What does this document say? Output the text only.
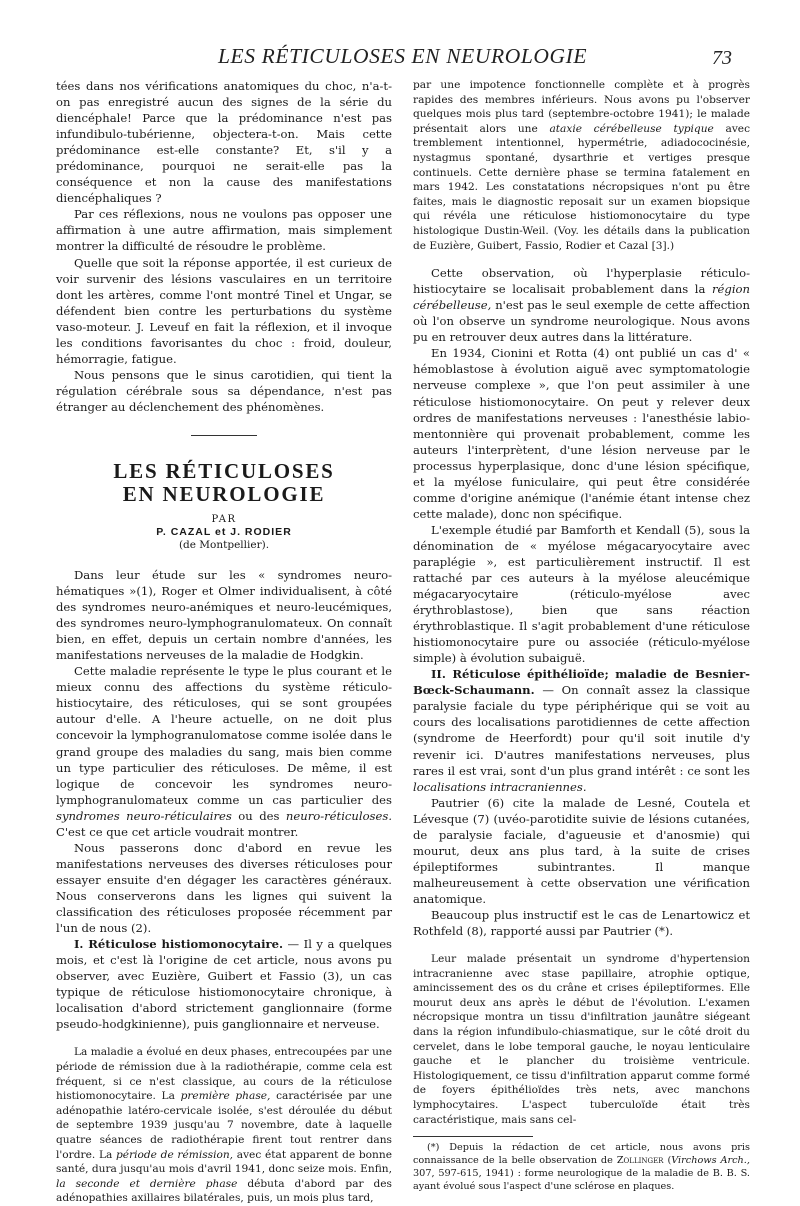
LES RÉTICULOSES EN NEUROLOGIE	73

tées dans nos vérifications anatomiques du choc, n'a-t-on pas enregistré aucun des signes de la série du diencéphale! Parce que la prédominance n'est pas infundibulo-tubérienne, objectera-t-on. Mais cette prédominance est-elle constante? Et, s'il y a prédominance, pourquoi ne serait-elle pas la conséquence et non la cause des manifestations diencéphaliques ?

Par ces réflexions, nous ne voulons pas opposer une affirmation à une autre affirmation, mais simplement montrer la difficulté de résoudre le problème.

Quelle que soit la réponse apportée, il est curieux de voir survenir des lésions vasculaires en un territoire dont les artères, comme l'ont montré Tinel et Ungar, se défendent bien contre les perturbations du système vaso-moteur. J. Leveuf en fait la réflexion, et il invoque les conditions favorisantes du choc : froid, douleur, hémorragie, fatigue.

Nous pensons que le sinus carotidien, qui tient la régulation cérébrale sous sa dépendance, n'est pas étranger au déclenchement des phénomènes.

LES RÉTICULOSES
EN NEUROLOGIE
PAR
P. CAZAL et J. RODIER
(de Montpellier).

Dans leur étude sur les « syndromes neuro-hématiques »(1), Roger et Olmer individualisent, à côté des syndromes neuro-anémiques et neuro-leucémiques, des syndromes neuro-lymphogranulomateux. On connaît bien, en effet, depuis un certain nombre d'années, les manifestations nerveuses de la maladie de Hodgkin.

Cette maladie représente le type le plus courant et le mieux connu des affections du système réticulo-histiocytaire, des réticuloses, qui se sont groupées autour d'elle. A l'heure actuelle, on ne doit plus concevoir la lymphogranulomatose comme isolée dans le grand groupe des maladies du sang, mais bien comme un type particulier des réticuloses. De même, il est logique de concevoir les syndromes neuro-lymphogranulomateux comme un cas particulier des syndromes neuro-réticulaires ou des neuro-réticuloses. C'est ce que cet article voudrait montrer.

Nous passerons donc d'abord en revue les manifestations nerveuses des diverses réticuloses pour essayer ensuite d'en dégager les caractères généraux. Nous conserverons dans les lignes qui suivent la classification des réticuloses proposée récemment par l'un de nous (2).

I. Réticulose histiomonocytaire. — Il y a quelques mois, et c'est là l'origine de cet article, nous avons pu observer, avec Euzière, Guibert et Fassio (3), un cas typique de réticulose histiomonocytaire chronique, à localisation d'abord strictement ganglionnaire (forme pseudo-hodgkinienne), puis ganglionnaire et nerveuse.

La maladie a évolué en deux phases, entrecoupées par une période de rémission due à la radiothérapie, comme cela est fréquent, si ce n'est classique, au cours de la réticulose histiomonocytaire. La première phase, caractérisée par une adénopathie latéro-cervicale isolée, s'est déroulée du début de septembre 1939 jusqu'au 7 novembre, date à laquelle quatre séances de radiothérapie firent tout rentrer dans l'ordre. La période de rémission, avec état apparent de bonne santé, dura jusqu'au mois d'avril 1941, donc seize mois. Enfin, la seconde et dernière phase débuta d'abord par des adénopathies axillaires bilatérales, puis, un mois plus tard,

par une impotence fonctionnelle complète et à progrès rapides des membres inférieurs. Nous avons pu l'observer quelques mois plus tard (septembre-octobre 1941); le malade présentait alors une ataxie cérébelleuse typique avec tremblement intentionnel, hypermétrie, adiadococinésie, nystagmus spontané, dysarthrie et vertiges presque continuels. Cette dernière phase se termina fatalement en mars 1942. Les constatations nécropsiques n'ont pu être faites, mais le diagnostic reposait sur un examen biopsique qui révéla une réticulose histiomonocytaire du type histologique Dustin-Weil. (Voy. les détails dans la publication de Euzière, Guibert, Fassio, Rodier et Cazal [3].)

Cette observation, où l'hyperplasie réticulo-histiocytaire se localisait probablement dans la région cérébelleuse, n'est pas le seul exemple de cette affection où l'on observe un syndrome neurologique. Nous avons pu en retrouver deux autres dans la littérature.

En 1934, Cionini et Rotta (4) ont publié un cas d' « hémoblastose à évolution aiguë avec symptomatologie nerveuse complexe », que l'on peut assimiler à une réticulose histiomonocytaire. On peut y relever deux ordres de manifestations nerveuses : l'anesthésie labio-mentonnière qui provenait probablement, comme les auteurs l'interprètent, d'une lésion nerveuse par le processus hyperplasique, donc d'une lésion spécifique, et la myélose funiculaire, qui peut être considérée comme d'origine anémique (l'anémie étant intense chez cette malade), donc non spécifique.

L'exemple étudié par Bamforth et Kendall (5), sous la dénomination de « myélose mégacaryocytaire avec paraplégie », est particulièrement instructif. Il est rattaché par ces auteurs à la myélose aleucémique mégacaryocytaire (réticulo-myélose avec érythroblastose), bien que sans réaction érythroblastique. Il s'agit probablement d'une réticulose histiomonocytaire pure ou associée (réticulo-myélose simple) à évolution subaiguë.

II. Réticulose épithélioïde; maladie de Besnier-Bœck-Schaumann. — On connaît assez la classique paralysie faciale du type périphérique qui se voit au cours des localisations parotidiennes de cette affection (syndrome de Heerfordt) pour qu'il soit inutile d'y revenir ici. D'autres manifestations nerveuses, plus rares il est vrai, sont d'un plus grand intérêt : ce sont les localisations intracraniennes.

Pautrier (6) cite la malade de Lesné, Coutela et Lévesque (7) (uvéo-parotidite suivie de lésions cutanées, de paralysie faciale, d'agueusie et d'anosmie) qui mourut, deux ans plus tard, à la suite de crises épileptiformes subintrantes. Il manque malheureusement à cette observation une vérification anatomique.

Beaucoup plus instructif est le cas de Lenartowicz et Rothfeld (8), rapporté aussi par Pautrier (*).

Leur malade présentait un syndrome d'hypertension intracranienne avec stase papillaire, atrophie optique, amincissement des os du crâne et crises épileptiformes. Elle mourut deux ans après le début de l'évolution. L'examen nécropsique montra un tissu d'infiltration jaunâtre siégeant dans la région infundibulo-chiasmatique, sur le côté droit du cervelet, dans le lobe temporal gauche, le noyau lenticulaire gauche et le plancher du troisième ventricule. Histologiquement, ce tissu d'infiltration apparut comme formé de foyers épithélioïdes très nets, avec manchons lymphocytaires. L'aspect tuberculoïde était très caractéristique, mais sans cel-

(*) Depuis la rédaction de cet article, nous avons pris connaissance de la belle observation de Zollinger (Virchows Arch., 307, 597-615, 1941) : forme neurologique de la maladie de B. B. S. ayant évolué sous l'aspect d'une sclérose en plaques.
